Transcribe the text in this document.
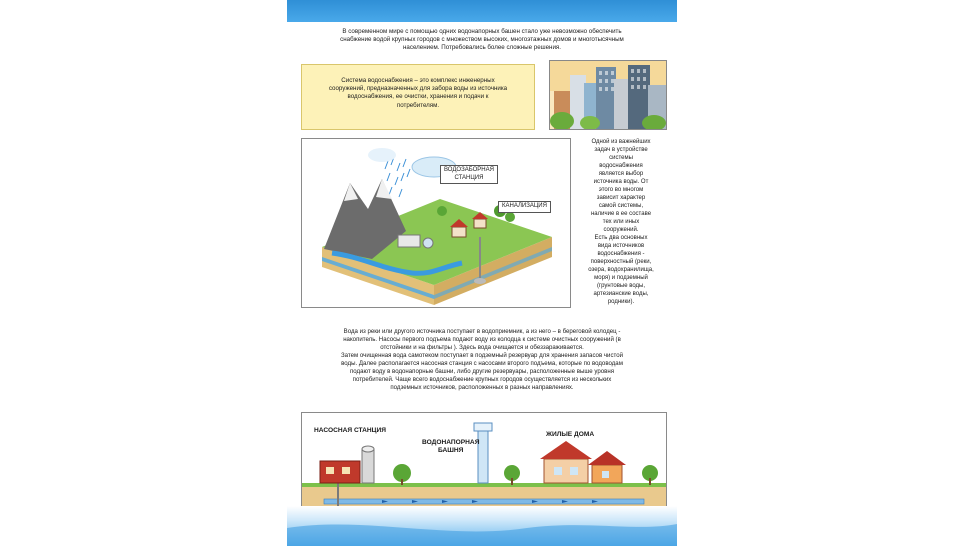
В современном мире с помощью одних водонапорных башен стало уже невозможно обеспечить
снабжение водой крупных городов с множеством высоких, многоэтажных домов и многотысячным
населением. Потребовались более сложные решения.
Система водоснабжения – это комплекс инженерных
сооружений, предназначенных для забора воды из источника
водоснабжения, ее очистки, хранения и подачи к
потребителям.
ВОДОЗАБОРНАЯ
СТАНЦИЯ
КАНАЛИЗАЦИЯ
Одной из важнейших
задач в устройстве
системы
водоснабжения
является выбор
источника воды. От
этого во многом
зависит характер
самой системы,
наличие в ее составе
тех или иных
сооружений.
Есть два основных
вида источников
водоснабжения -
поверхностный (реки,
озера, водохранилища,
моря) и подземный
(грунтовые воды,
артезианские воды,
родники).
Вода из реки или другого источника поступает в водоприемник, а из него – в береговой колодец -
накопитель. Насосы первого подъема подают воду из колодца к системе очистных сооружений (в
отстойники и на фильтры ). Здесь вода очищается и обеззараживается.
Затем очищенная вода самотеком поступает в подземный резервуар для хранения запасов чистой
воды. Далее располагается насосная станция с насосами второго подъема, которые по водоводам
подают воду в водонапорные башни, либо другие резервуары, расположенные выше уровня
потребителей. Чаще всего водоснабжение крупных городов осуществляется из нескольких
подземных источников, расположенных в разных направлениях.
НАСОСНАЯ СТАНЦИЯ
ВОДОНАПОРНАЯ
БАШНЯ
ЖИЛЫЕ ДОМА
